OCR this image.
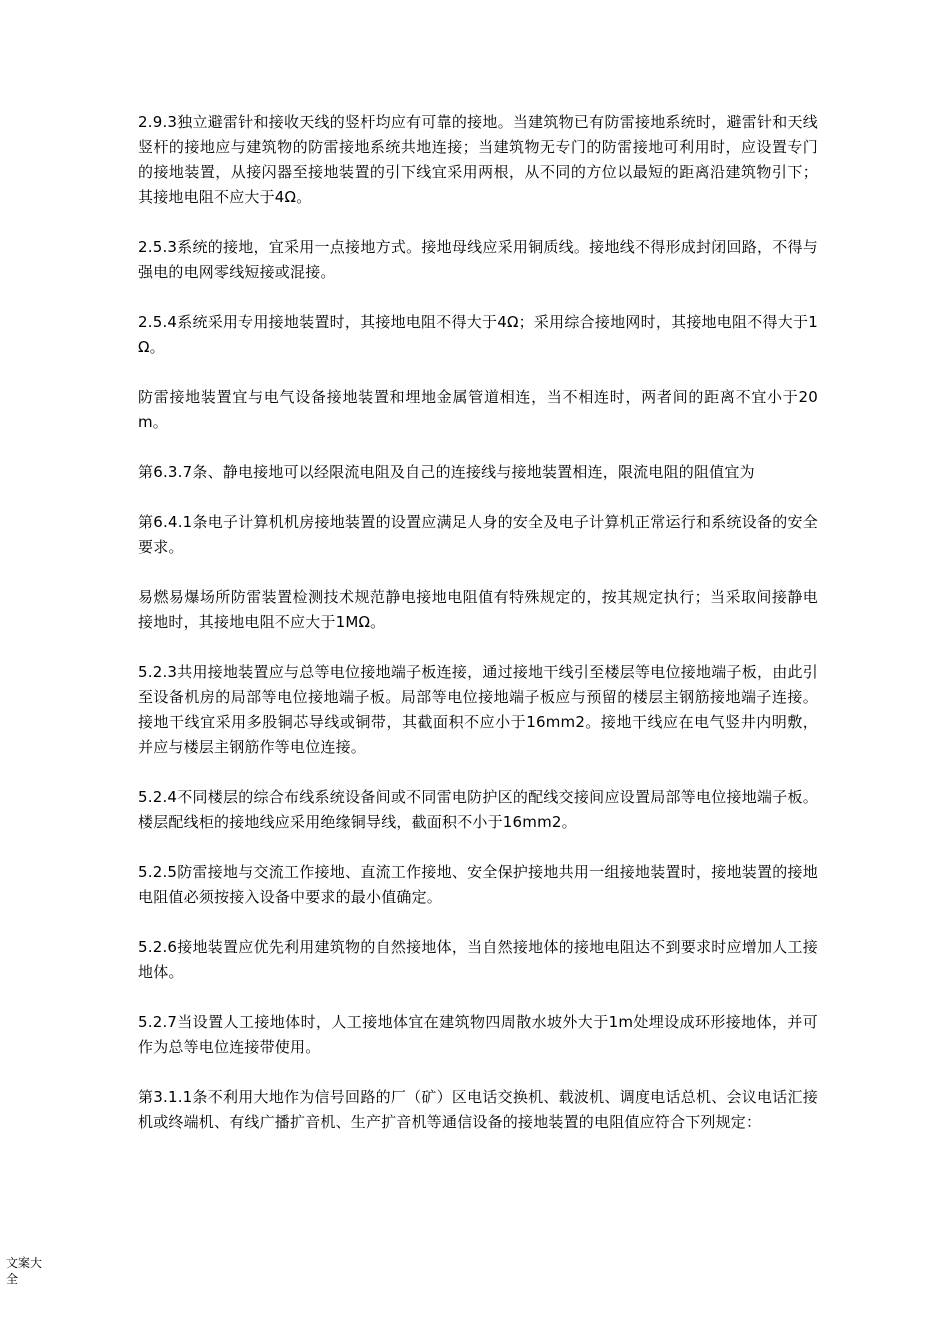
2.9.3独立避雷针和接收天线的竖杆均应有可靠的接地。当建筑物已有防雷接地系统时，避雷针和天线竖杆的接地应与建筑物的防雷接地系统共地连接；当建筑物无专门的防雷接地可利用时，应设置专门的接地装置，从接闪器至接地装置的引下线宜采用两根，从不同的方位以最短的距离沿建筑物引下；其接地电阻不应大于4Ω。

2.5.3系统的接地，宜采用一点接地方式。接地母线应采用铜质线。接地线不得形成封闭回路，不得与强电的电网零线短接或混接。

2.5.4系统采用专用接地装置时，其接地电阻不得大于4Ω；采用综合接地网时，其接地电阻不得大于1Ω。

防雷接地装置宜与电气设备接地装置和埋地金属管道相连，当不相连时，两者间的距离不宜小于20m。

第6.3.7条、静电接地可以经限流电阻及自己的连接线与接地装置相连，限流电阻的阻值宜为

第6.4.1条电子计算机机房接地装置的设置应满足人身的安全及电子计算机正常运行和系统设备的安全要求。

易燃易爆场所防雷装置检测技术规范静电接地电阻值有特殊规定的，按其规定执行；当采取间接静电接地时，其接地电阻不应大于1MΩ。

5.2.3共用接地装置应与总等电位接地端子板连接，通过接地干线引至楼层等电位接地端子板，由此引至设备机房的局部等电位接地端子板。局部等电位接地端子板应与预留的楼层主钢筋接地端子连接。接地干线宜采用多股铜芯导线或铜带，其截面积不应小于16mm2。接地干线应在电气竖井内明敷，并应与楼层主钢筋作等电位连接。

5.2.4不同楼层的综合布线系统设备间或不同雷电防护区的配线交接间应设置局部等电位接地端子板。楼层配线柜的接地线应采用绝缘铜导线，截面积不小于16mm2。

5.2.5防雷接地与交流工作接地、直流工作接地、安全保护接地共用一组接地装置时，接地装置的接地电阻值必须按接入设备中要求的最小值确定。

5.2.6接地装置应优先利用建筑物的自然接地体，当自然接地体的接地电阻达不到要求时应增加人工接地体。

5.2.7当设置人工接地体时，人工接地体宜在建筑物四周散水坡外大于1m处埋设成环形接地体，并可作为总等电位连接带使用。

第3.1.1条不利用大地作为信号回路的厂（矿）区电话交换机、载波机、调度电话总机、会议电话汇接机或终端机、有线广播扩音机、生产扩音机等通信设备的接地装置的电阻值应符合下列规定：

文案大全
